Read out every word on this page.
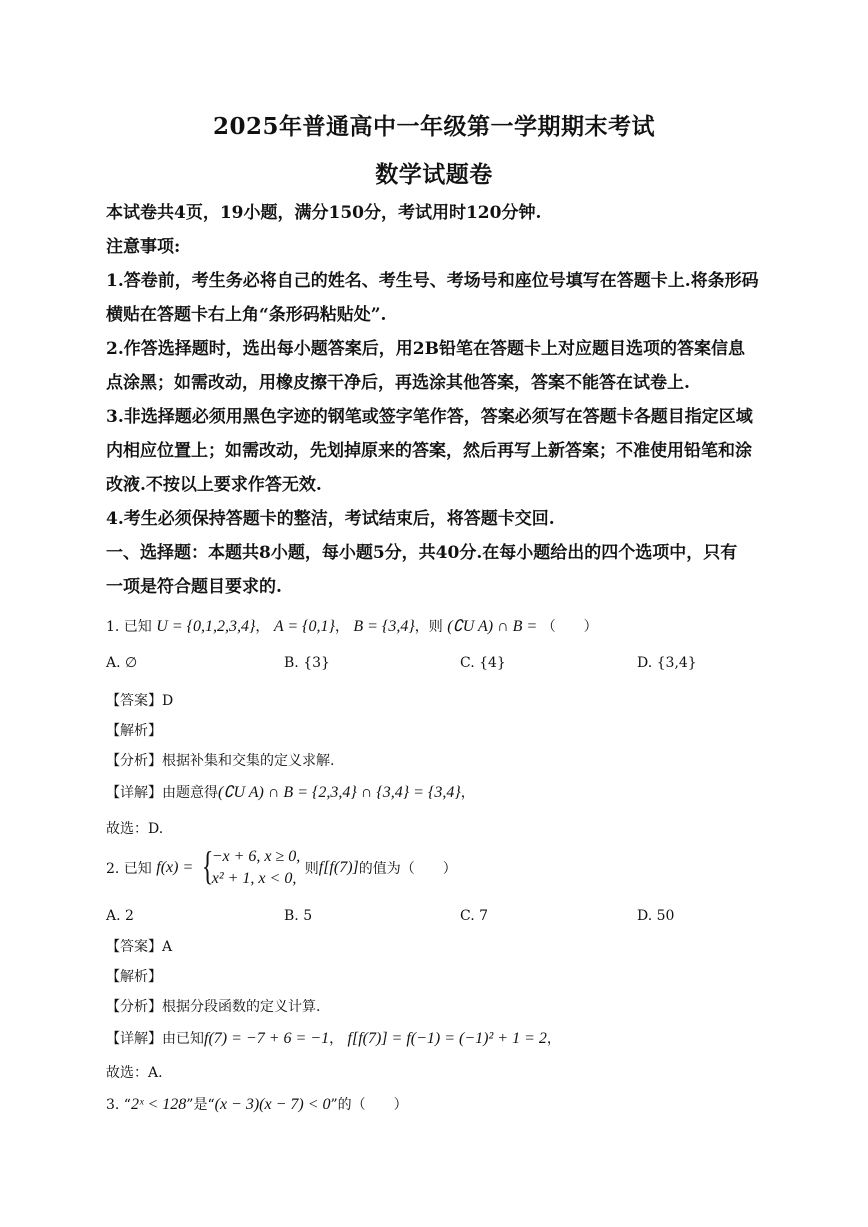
2025年普通高中一年级第一学期期末考试
数学试题卷
本试卷共4页，19小题，满分150分，考试用时120分钟.
注意事项:
1.答卷前，考生务必将自己的姓名、考生号、考场号和座位号填写在答题卡上.将条形码
横贴在答题卡右上角“条形码粘贴处”.
2.作答选择题时，选出每小题答案后，用2B铅笔在答题卡上对应题目选项的答案信息
点涂黑；如需改动，用橡皮擦干净后，再选涂其他答案，答案不能答在试卷上.
3.非选择题必须用黑色字迹的钢笔或签字笔作答，答案必须写在答题卡各题目指定区域
内相应位置上；如需改动，先划掉原来的答案，然后再写上新答案；不准使用铅笔和涂
改液.不按以上要求作答无效.
4.考生必须保持答题卡的整洁，考试结束后，将答题卡交回.
一、选择题：本题共8小题，每小题5分，共40分.在每小题给出的四个选项中，只有
一项是符合题目要求的.
1. 已知 U = {0,1,2,3,4}， A = {0,1}， B = {3,4}，则 (∁U A) ∩ B = （　　）
A. ∅	B. {3}	C. {4}	D. {3,4}
【答案】D
【解析】
【分析】根据补集和交集的定义求解.
【详解】由题意得(∁U A) ∩ B = {2,3,4} ∩ {3,4} = {3,4}，
故选：D.
2. 已知 f(x) = {
−x + 6, x ≥ 0,
x² + 1, x < 0,
则f[f(7)]的值为（　　）
A. 2	B. 5	C. 7	D. 50
【答案】A
【解析】
【分析】根据分段函数的定义计算.
【详解】由已知f(7) = −7 + 6 = −1， f[f(7)] = f(−1) = (−1)² + 1 = 2，
故选：A.
3. “2ˣ < 128”是“(x − 3)(x − 7) < 0”的（　　）
